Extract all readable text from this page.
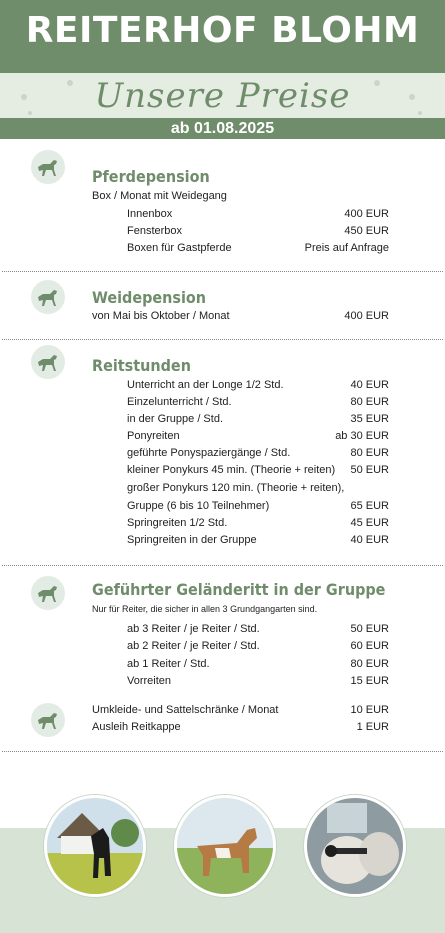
REITERHOF BLOHM
Unsere Preise
ab 01.08.2025
Pferdepension
Box / Monat mit Weidegang
Innenbox	400 EUR
Fensterbox	450 EUR
Boxen für Gastpferde	Preis auf Anfrage
Weidepension
von Mai bis Oktober / Monat	400 EUR
Reitstunden
Unterricht an der Longe 1/2 Std.	40 EUR
Einzelunterricht / Std.	80 EUR
in der Gruppe / Std.	35 EUR
Ponyreiten	ab 30 EUR
geführte Ponyspaziergänge / Std.	80 EUR
kleiner Ponykurs 45 min. (Theorie + reiten) 50 EUR
großer Ponykurs 120 min. (Theorie + reiten),
Gruppe (6 bis 10 Teilnehmer)	65 EUR
Springreiten 1/2 Std.	45 EUR
Springreiten in der Gruppe	40 EUR
Geführter Geländeritt in der Gruppe
Nur für Reiter, die sicher in allen 3 Grundgangarten sind.
ab 3 Reiter / je Reiter / Std.	50 EUR
ab 2 Reiter / je Reiter / Std.	60 EUR
ab 1 Reiter / Std.	80 EUR
Vorreiten	15 EUR
Umkleide- und Sattelschränke / Monat	10 EUR
Ausleih Reitkappe	1 EUR
